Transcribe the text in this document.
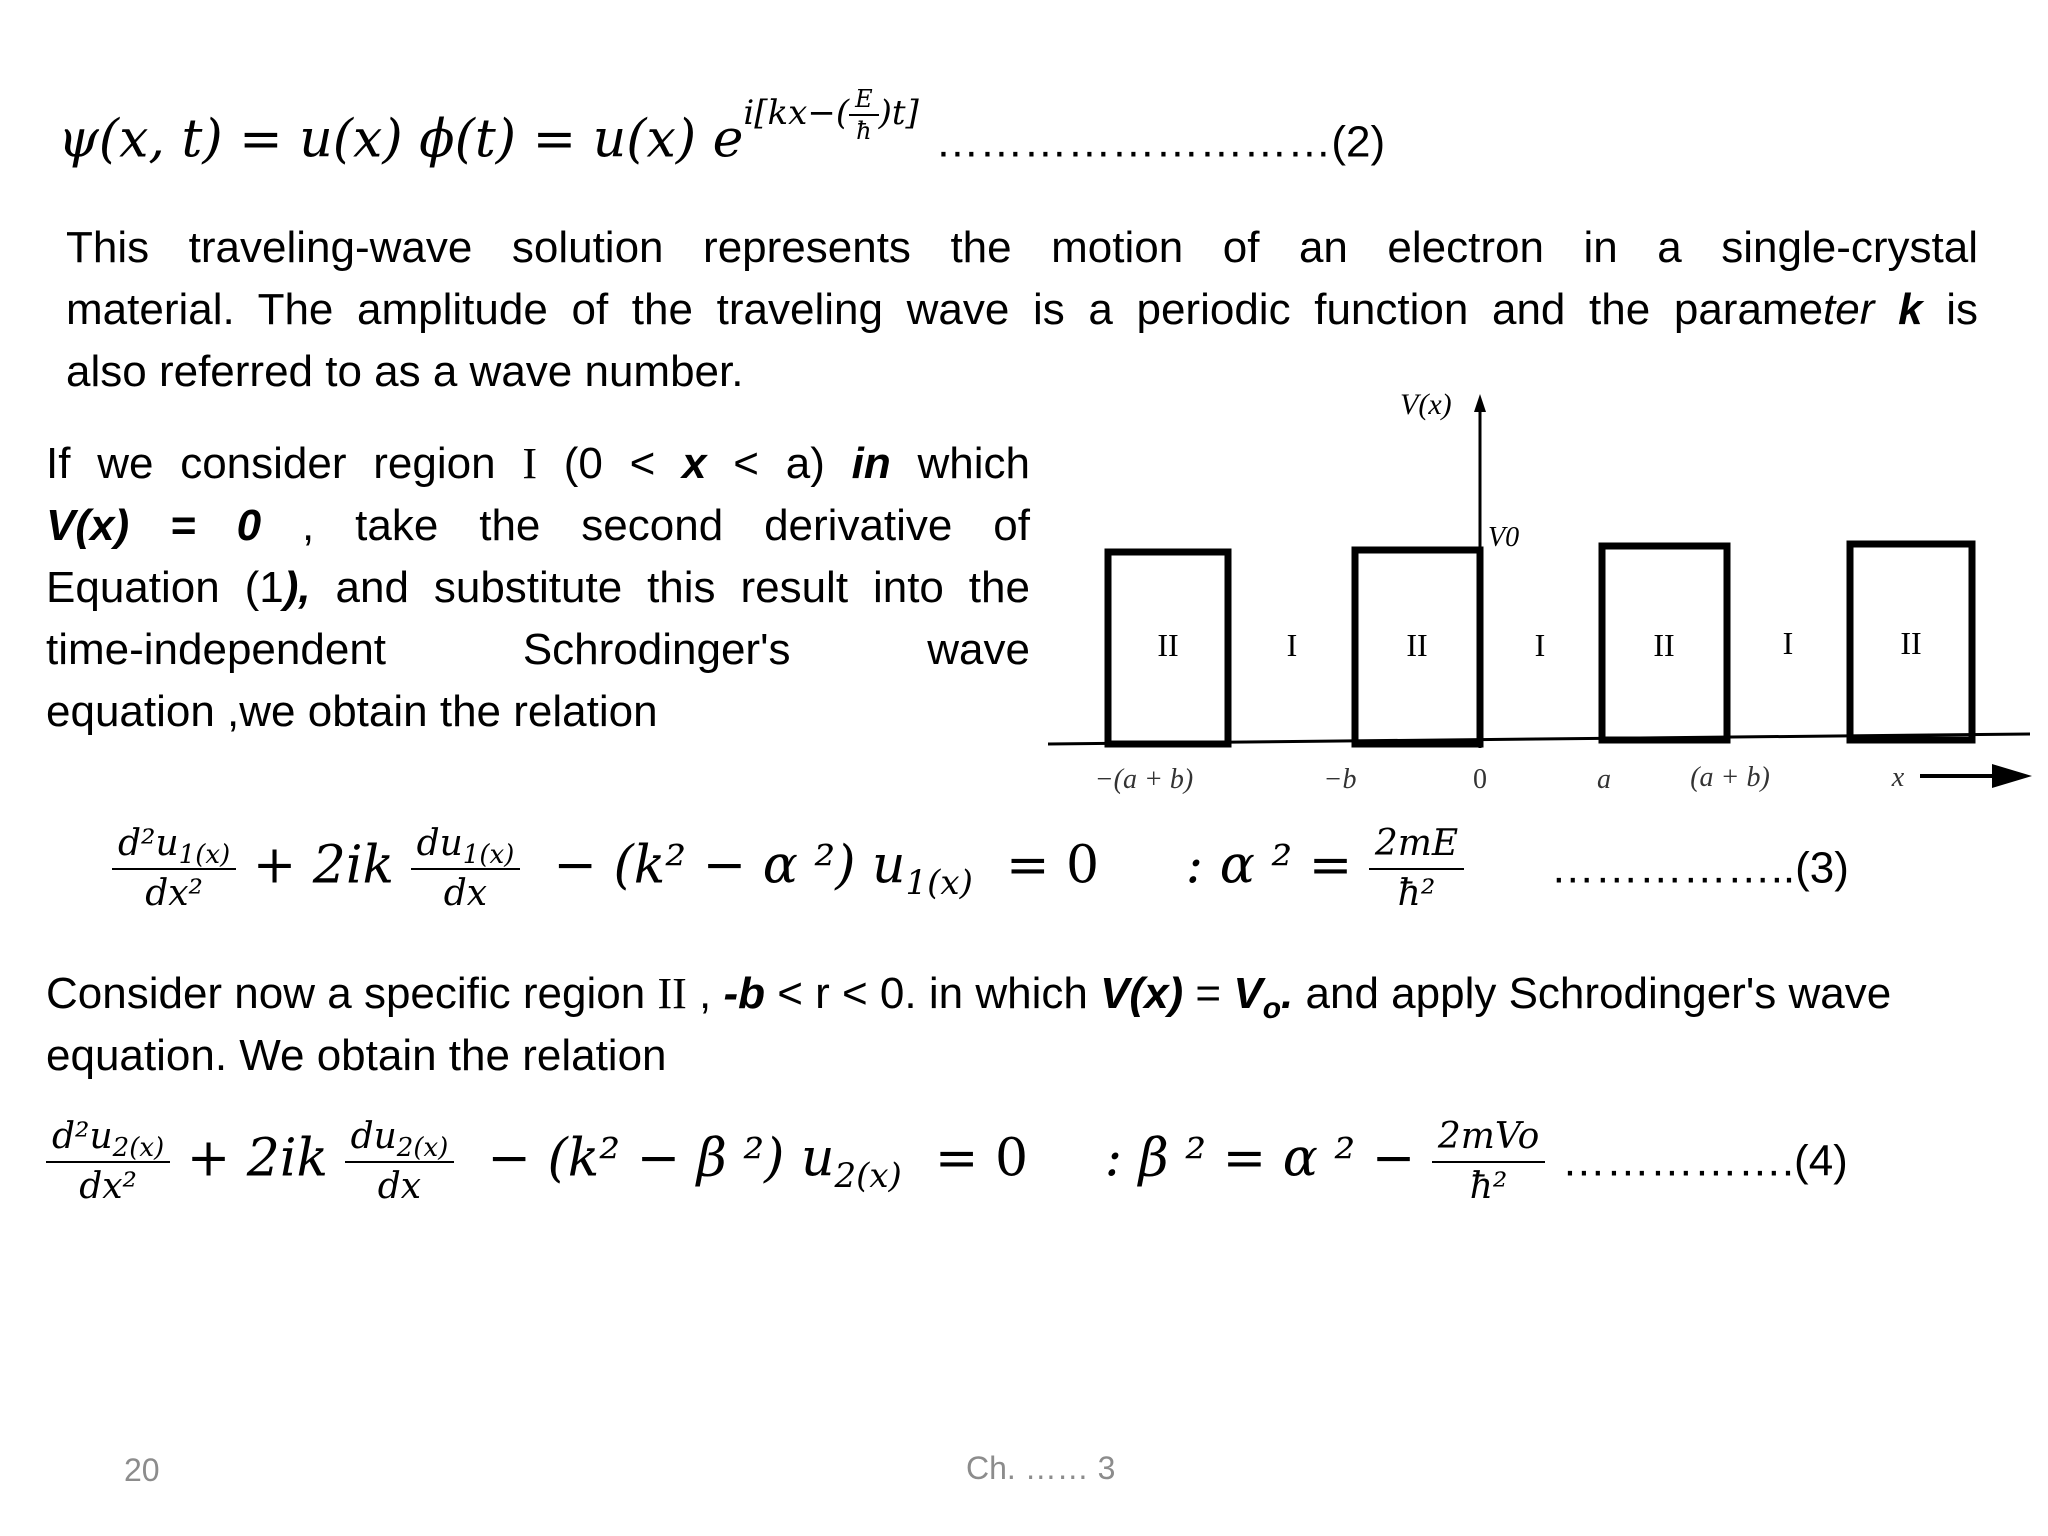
ψ(x, t) = u(x) ϕ(t) = u(x) $e^{i[kx-( \frac{E}{ħ} )t]}$ ………………………(2)
This traveling-wave solution represents the motion of an electron in a single-crystal
material. The amplitude of the traveling wave is a periodic function and the parameter k is
also referred to as a wave number.
If we consider region I (0 < x < a) in which
V(x) = 0 , take the second derivative of
Equation (1), and substitute this result into the
time-independent Schrodinger's wave
equation ,we obtain the relation
V(x)
V0
II	I	II	I	II	I	II
−(a + b)	−b	0	a	(a + b)	x
$\frac{d^2u_{1(x)}}{\text{dx²}} + 2ik \frac{du_{1(x)}}{dx} - (k^2 - \alpha$ ²) $u_{1(x)} = 0$ : α $^2 = \frac{2mE}{\text{ħ²}}$ ……………..(3)
Consider now a specific region II , -b < r < 0. in which $V(x) = V_o$. and apply Schrodinger's wave
equation. We obtain the relation
$\frac{d^2u_{2(x)}}{\text{dx²}} + 2ik \frac{du_{2(x)}}{dx} - (k^2 - \beta$ ²) $u_{2(x)} = 0$ : β ² = α $^2 - \frac{\text{2mVo}}{\text{ħ²}}$ …………….(4)
20	Ch. …… 3
